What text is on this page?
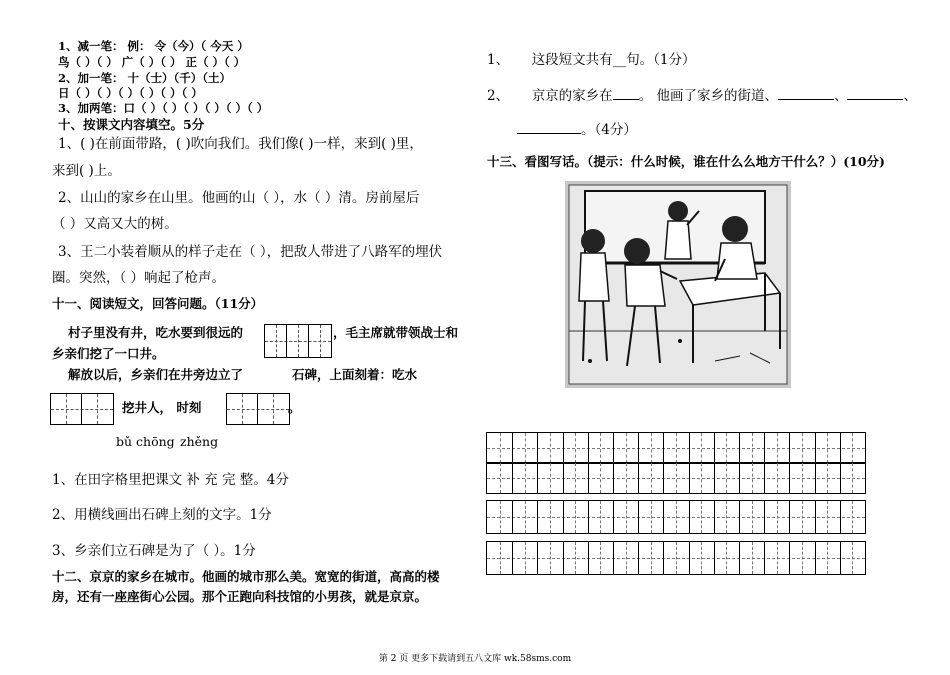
1、减一笔： 例： 令（今）（ 今天 ）
鸟（ ）（ ） 广（ ）（ ） 正（ ）（ ）
2、加一笔： 十（士）（千）（土）
日（ ）（ ）（ ）（ ）（ ）（ ）
3、加两笔：口（ ）（ ）（ ）（ ）（ ）（ ）
十、按课文内容填空。5分
1、( )在前面带路，( )吹向我们。我们像( )一样，来到( )里，
来到( )上。
2、山山的家乡在山里。他画的山（ ），水（ ）清。房前屋后
（ ）又高又大的树。
3、王二小装着顺从的样子走在（ ），把敌人带进了八路军的埋伏
圈。突然，（ ）响起了枪声。
十一、阅读短文，回答问题。（11分）
村子里没有井，吃水要到很远的	，毛主席就带领战士和
乡亲们挖了一口井。
解放以后，乡亲们在井旁边立了	石碑，上面刻着：吃水
挖井人， 时刻	。
bǔ chōng zhěng
1、在田字格里把课文 补 充 完 整。4分
2、用横线画出石碑上刻的文字。1分
3、乡亲们立石碑是为了（ ）。1分
十二、京京的家乡在城市。他画的城市那么美。宽宽的街道，高高的楼
房，还有一座座街心公园。那个正跑向科技馆的小男孩，就是京京。
1、 这段短文共有__句。（1分）
2、 京京的家乡在 。 他画了家乡的街道、	、	、
。（4分）
十三、看图写话。（提示：什么时候，谁在什么么地方干什么？）(10分)
第 2 页 更多下载请到五八文库 wk.58sms.com
